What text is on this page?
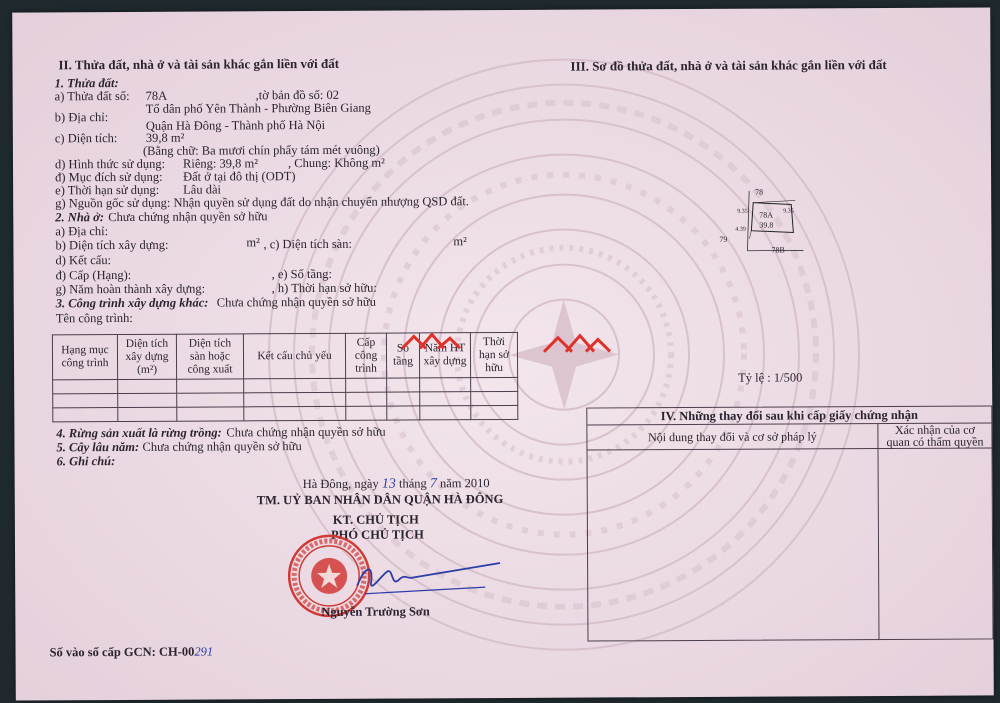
II. Thửa đất, nhà ở và tài sản khác gắn liền với đất	III. Sơ đồ thửa đất, nhà ở và tài sản khác gắn liền với đất
1. Thửa đất:
a) Thửa đất số: 78A	,tờ bản đồ số: 02
Tổ dân phố Yên Thành - Phường Biên Giang
b) Địa chỉ:
Quận Hà Đông - Thành phố Hà Nội
c) Diện tích: 39,8 m²
(Bằng chữ: Ba mươi chín phẩy tám mét vuông)
d) Hình thức sử dụng: Riêng: 39,8 m² , Chung: Không m²
đ) Mục đích sử dụng: Đất ở tại đô thị (ODT)
e) Thời hạn sử dụng: Lâu dài
g) Nguồn gốc sử dụng: Nhận quyền sử dụng đất do nhận chuyển nhượng QSD đất.
2. Nhà ở: Chưa chứng nhận quyền sở hữu
a) Địa chỉ:
b) Diện tích xây dựng:	m² , c) Diện tích sàn:	m²
d) Kết cấu:
đ) Cấp (Hạng):	, e) Số tầng:
g) Năm hoàn thành xây dựng:	, h) Thời hạn sở hữu:
3. Công trình xây dựng khác: Chưa chứng nhận quyền sở hữu
Tên công trình:
Hạng mục công trình	Diện tích xây dựng (m²)	Diện tích sàn hoặc công xuất	Kết cấu chủ yếu	Cấp công trình	Số tầng	Năm HT xây dựng	Thời hạn sở hữu

4. Rừng sản xuất là rừng trồng: Chưa chứng nhận quyền sở hữu
5. Cây lâu năm: Chưa chứng nhận quyền sở hữu
6. Ghi chú:
Hà Đông, ngày 13 tháng 7 năm 2010
TM. UỶ BAN NHÂN DÂN QUẬN HÀ ĐÔNG
KT. CHỦ TỊCH
PHÓ CHỦ TỊCH
Nguyễn Trường Sơn
Số vào sổ cấp GCN: CH-00291
78
78A
39.8
79
78B
9.35	9.35
4.39
Tỷ lệ : 1/500
IV. Những thay đổi sau khi cấp giấy chứng nhận
Nội dung thay đổi và cơ sở pháp lý	Xác nhận của cơ
quan có thẩm quyền
